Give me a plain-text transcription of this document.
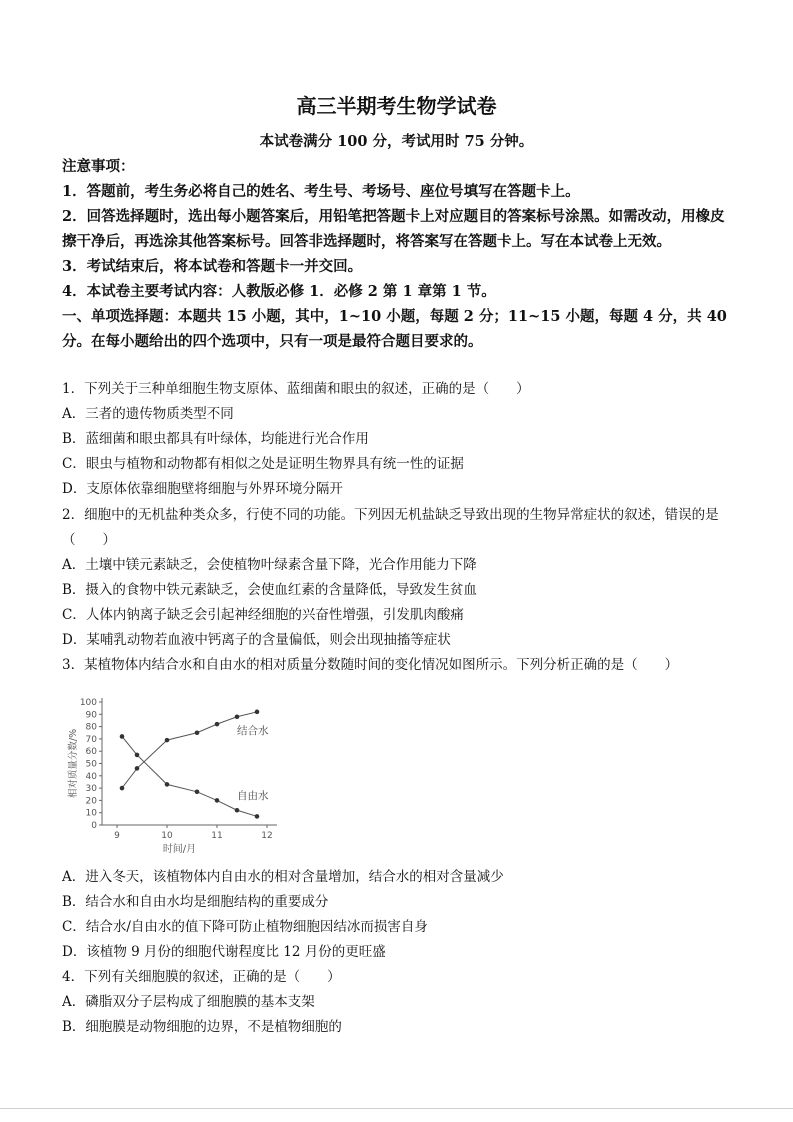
高三半期考生物学试卷
本试卷满分 100 分，考试用时 75 分钟。
注意事项：
1．答题前，考生务必将自己的姓名、考生号、考场号、座位号填写在答题卡上。
2．回答选择题时，选出每小题答案后，用铅笔把答题卡上对应题目的答案标号涂黑。如需改动，用橡皮擦干净后，再选涂其他答案标号。回答非选择题时，将答案写在答题卡上。写在本试卷上无效。
3．考试结束后，将本试卷和答题卡一并交回。
4．本试卷主要考试内容：人教版必修 1．必修 2 第 1 章第 1 节。
一、单项选择题：本题共 15 小题，其中，1~10 小题，每题 2 分；11~15 小题，每题 4 分，共 40 分。在每小题给出的四个选项中，只有一项是最符合题目要求的。
1．下列关于三种单细胞生物支原体、蓝细菌和眼虫的叙述，正确的是（　　）
A．三者的遗传物质类型不同
B．蓝细菌和眼虫都具有叶绿体，均能进行光合作用
C．眼虫与植物和动物都有相似之处是证明生物界具有统一性的证据
D．支原体依靠细胞壁将细胞与外界环境分隔开
2．细胞中的无机盐种类众多，行使不同的功能。下列因无机盐缺乏导致出现的生物异常症状的叙述，错误的是（　　）
A．土壤中镁元素缺乏，会使植物叶绿素含量下降，光合作用能力下降
B．摄入的食物中铁元素缺乏，会使血红素的含量降低，导致发生贫血
C．人体内钠离子缺乏会引起神经细胞的兴奋性增强，引发肌肉酸痛
D．某哺乳动物若血液中钙离子的含量偏低，则会出现抽搐等症状
3．某植物体内结合水和自由水的相对质量分数随时间的变化情况如图所示。下列分析正确的是（　　）
0
10
20
30
40
50
60
70
80
90
100
9	10	11	12
时间/月
相对质量分数/%	结合水
自由水
A．进入冬天，该植物体内自由水的相对含量增加，结合水的相对含量减少
B．结合水和自由水均是细胞结构的重要成分
C．结合水/自由水的值下降可防止植物细胞因结冰而损害自身
D．该植物 9 月份的细胞代谢程度比 12 月份的更旺盛
4．下列有关细胞膜的叙述，正确的是（　　）
A．磷脂双分子层构成了细胞膜的基本支架
B．细胞膜是动物细胞的边界，不是植物细胞的
